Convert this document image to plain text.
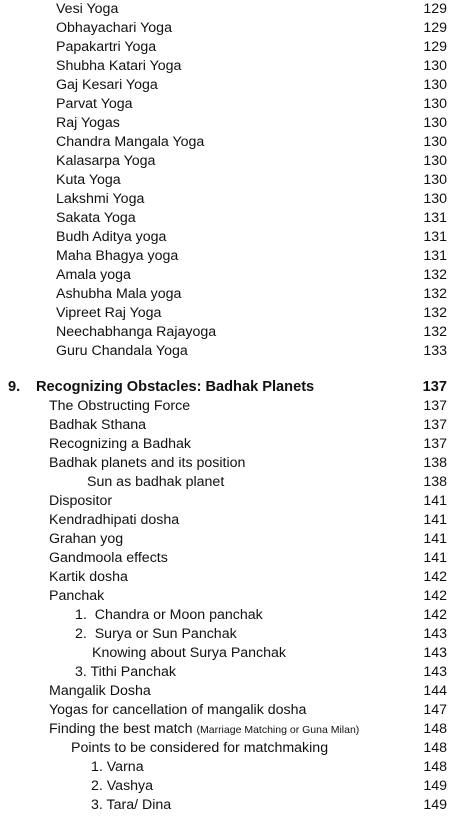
Vesi Yoga	129
Obhayachari Yoga	129
Papakartri Yoga	129
Shubha Katari Yoga	130
Gaj Kesari Yoga	130
Parvat Yoga	130
Raj Yogas	130
Chandra Mangala Yoga	130
Kalasarpa Yoga	130
Kuta Yoga	130
Lakshmi Yoga	130
Sakata Yoga	131
Budh Aditya yoga	131
Maha Bhagya yoga	131
Amala yoga	132
Ashubha Mala yoga	132
Vipreet Raj Yoga	132
Neechabhanga Rajayoga	132
Guru Chandala Yoga	133
9. Recognizing Obstacles: Badhak Planets	137
The Obstructing Force	137
Badhak Sthana	137
Recognizing a Badhak	137
Badhak planets and its position	138
Sun as badhak planet	138
Dispositor	141
Kendradhipati dosha	141
Grahan yog	141
Gandmoola effects	141
Kartik dosha	142
Panchak	142
1.  Chandra or Moon panchak	142
2.  Surya or Sun Panchak	143
Knowing about Surya Panchak	143
3. Tithi Panchak	143
Mangalik Dosha	144
Yogas for cancellation of mangalik dosha	147
Finding the best match (Marriage Matching or Guna Milan)	148
Points to be considered for matchmaking	148
1. Varna	148
2. Vashya	149
3. Tara/ Dina	149
